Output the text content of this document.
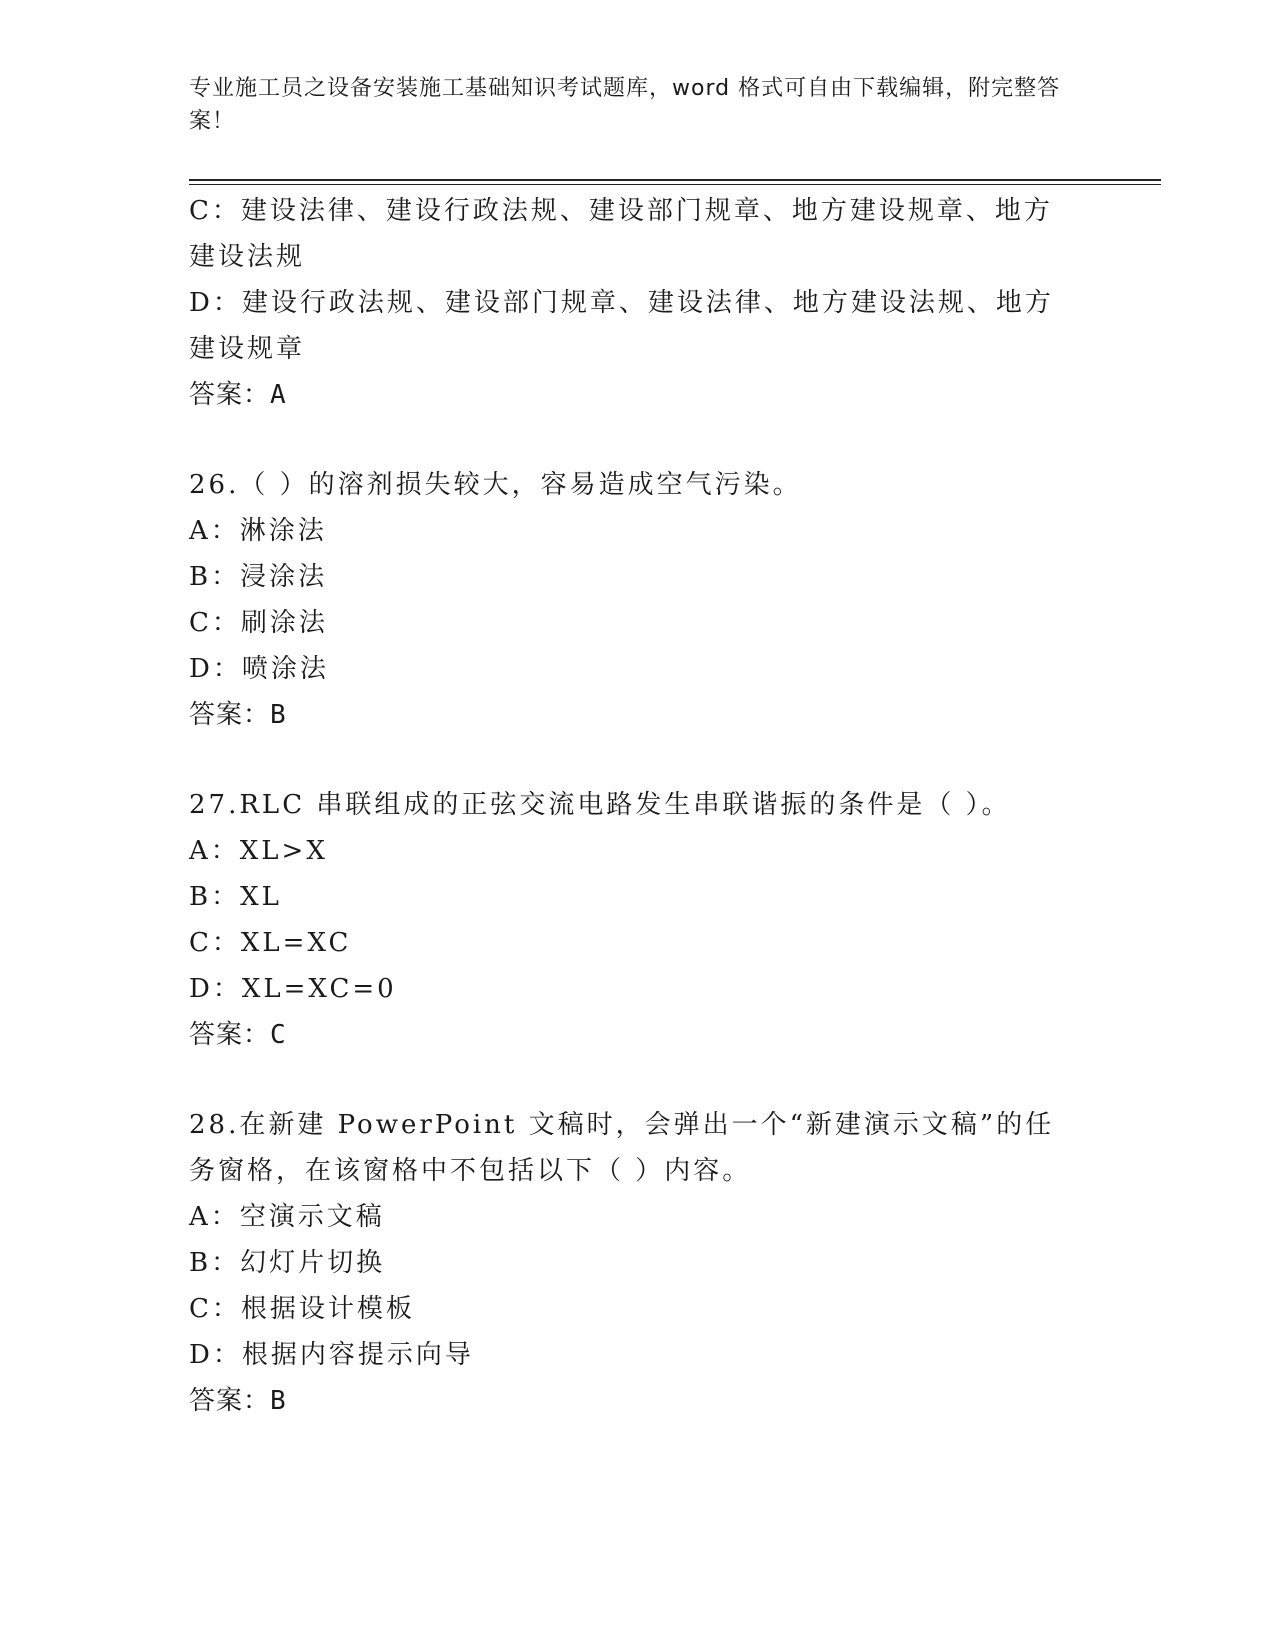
专业施工员之设备安装施工基础知识考试题库，word 格式可自由下载编辑，附完整答案！
C：建设法律、建设行政法规、建设部门规章、地方建设规章、地方建设法规
D：建设行政法规、建设部门规章、建设法律、地方建设法规、地方建设规章
答案：A
26.（ ）的溶剂损失较大，容易造成空气污染。
A：淋涂法
B：浸涂法
C：刷涂法
D：喷涂法
答案：B
27.RLC 串联组成的正弦交流电路发生串联谐振的条件是（ ）。
A：XL>X
B：XL
C：XL=XC
D：XL=XC=0
答案：C
28.在新建 PowerPoint 文稿时，会弹出一个“新建演示文稿”的任务窗格，在该窗格中不包括以下（ ）内容。
A：空演示文稿
B：幻灯片切换
C：根据设计模板
D：根据内容提示向导
答案：B
